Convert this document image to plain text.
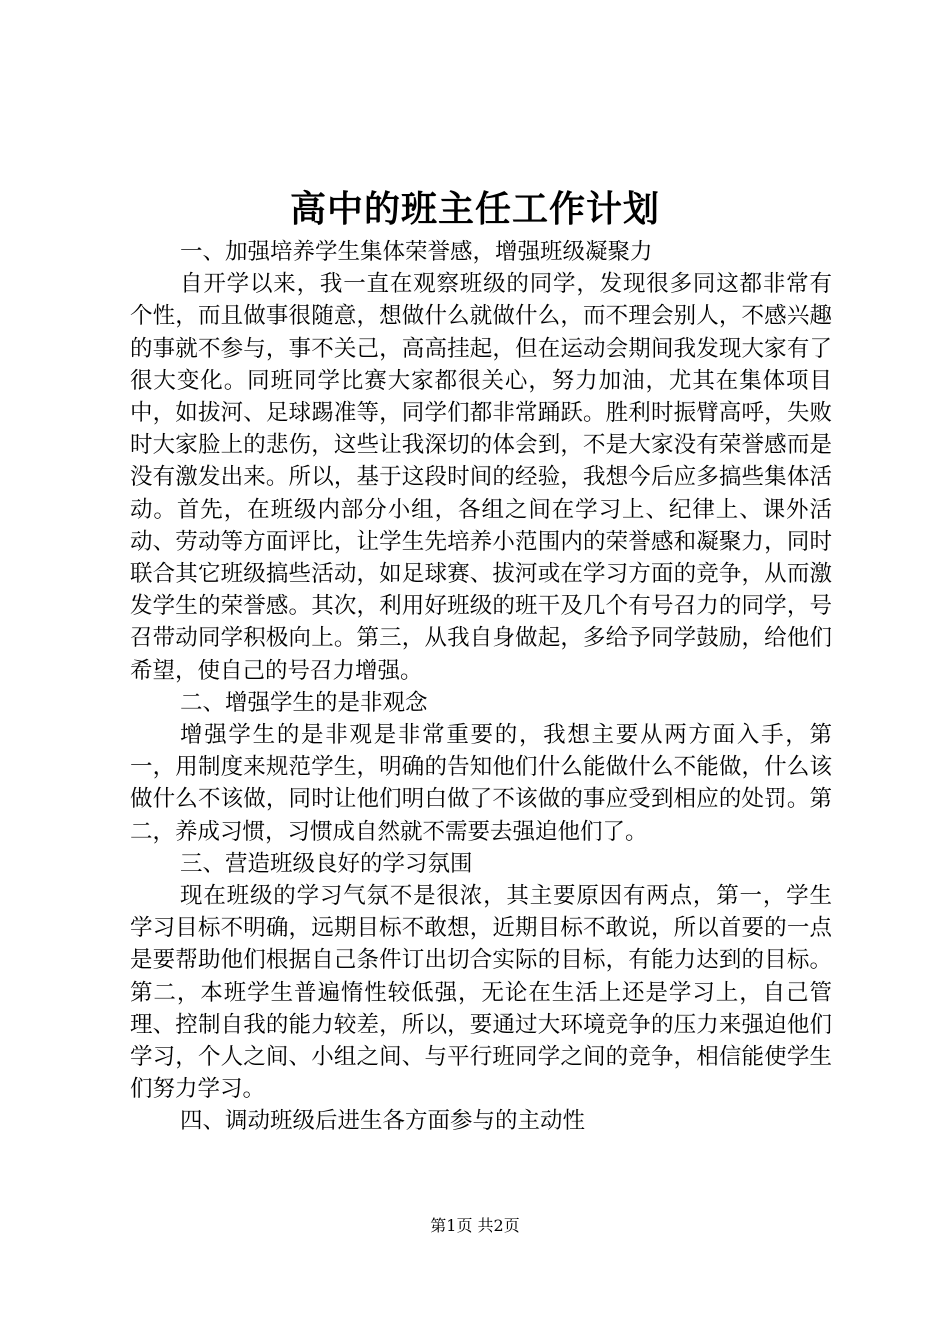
高中的班主任工作计划

一、加强培养学生集体荣誉感，增强班级凝聚力

自开学以来，我一直在观察班级的同学，发现很多同这都非常有个性，而且做事很随意，想做什么就做什么，而不理会别人，不感兴趣的事就不参与，事不关己，高高挂起，但在运动会期间我发现大家有了很大变化。同班同学比赛大家都很关心，努力加油，尤其在集体项目中，如拔河、足球踢准等，同学们都非常踊跃。胜利时振臂高呼，失败时大家脸上的悲伤，这些让我深切的体会到，不是大家没有荣誉感而是没有激发出来。所以，基于这段时间的经验，我想今后应多搞些集体活动。首先，在班级内部分小组，各组之间在学习上、纪律上、课外活动、劳动等方面评比，让学生先培养小范围内的荣誉感和凝聚力，同时联合其它班级搞些活动，如足球赛、拔河或在学习方面的竞争，从而激发学生的荣誉感。其次，利用好班级的班干及几个有号召力的同学，号召带动同学积极向上。第三，从我自身做起，多给予同学鼓励，给他们希望，使自己的号召力增强。

二、增强学生的是非观念

增强学生的是非观是非常重要的，我想主要从两方面入手，第一，用制度来规范学生，明确的告知他们什么能做什么不能做，什么该做什么不该做，同时让他们明白做了不该做的事应受到相应的处罚。第二，养成习惯，习惯成自然就不需要去强迫他们了。

三、营造班级良好的学习氛围

现在班级的学习气氛不是很浓，其主要原因有两点，第一，学生学习目标不明确，远期目标不敢想，近期目标不敢说，所以首要的一点是要帮助他们根据自己条件订出切合实际的目标，有能力达到的目标。第二，本班学生普遍惰性较低强，无论在生活上还是学习上，自己管理、控制自我的能力较差，所以，要通过大环境竞争的压力来强迫他们学习，个人之间、小组之间、与平行班同学之间的竞争，相信能使学生们努力学习。

四、调动班级后进生各方面参与的主动性

第1页 共2页
